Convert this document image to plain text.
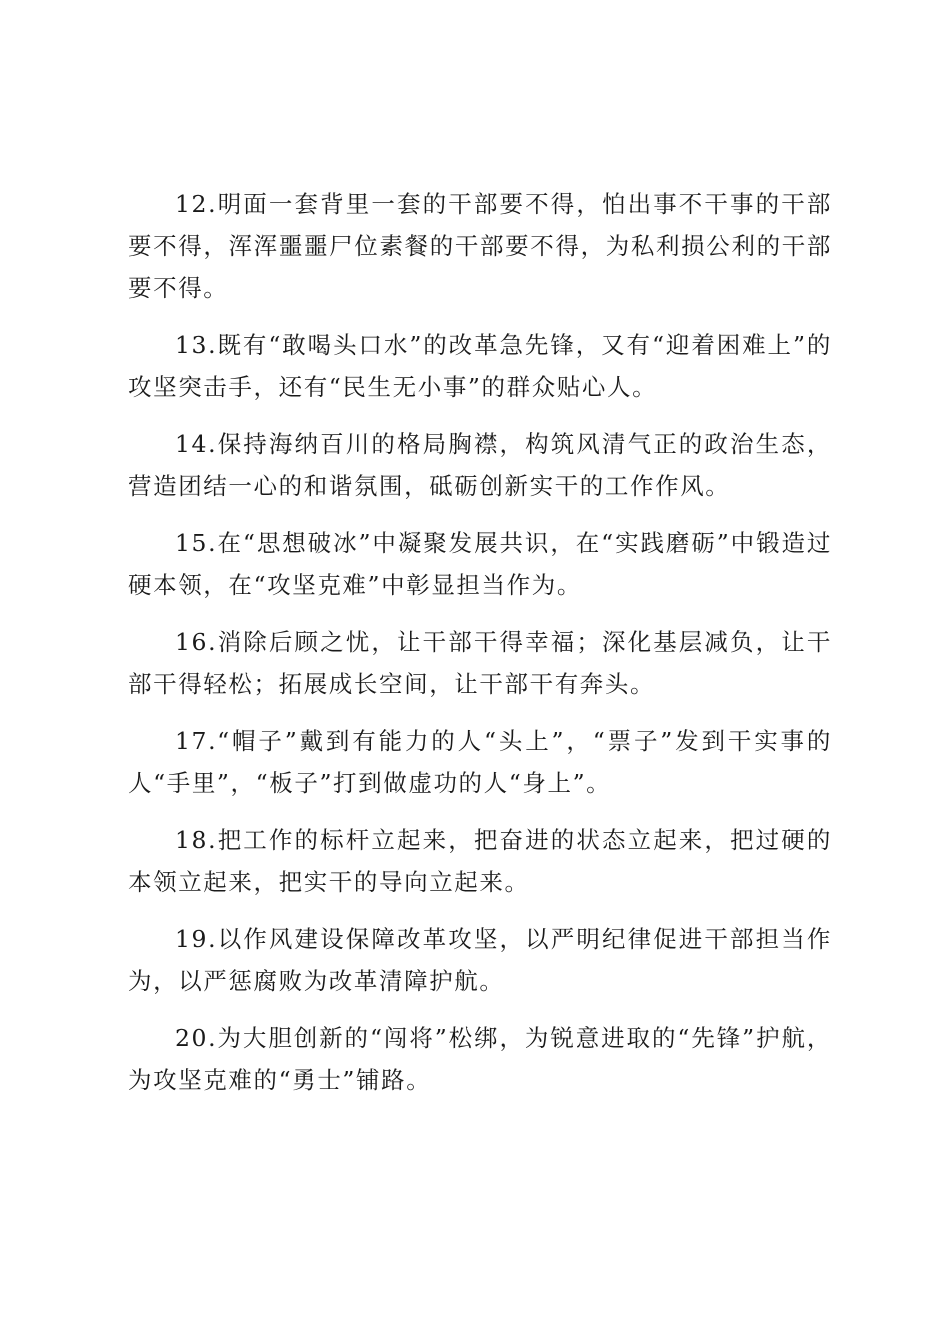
12.明面一套背里一套的干部要不得，怕出事不干事的干部要不得，浑浑噩噩尸位素餐的干部要不得，为私利损公利的干部要不得。

13.既有“敢喝头口水”的改革急先锋，又有“迎着困难上”的攻坚突击手，还有“民生无小事”的群众贴心人。

14.保持海纳百川的格局胸襟，构筑风清气正的政治生态，营造团结一心的和谐氛围，砥砺创新实干的工作作风。

15.在“思想破冰”中凝聚发展共识，在“实践磨砺”中锻造过硬本领，在“攻坚克难”中彰显担当作为。

16.消除后顾之忧，让干部干得幸福；深化基层减负，让干部干得轻松；拓展成长空间，让干部干有奔头。

17.“帽子”戴到有能力的人“头上”，“票子”发到干实事的人“手里”，“板子”打到做虚功的人“身上”。

18.把工作的标杆立起来，把奋进的状态立起来，把过硬的本领立起来，把实干的导向立起来。

19.以作风建设保障改革攻坚，以严明纪律促进干部担当作为，以严惩腐败为改革清障护航。

20.为大胆创新的“闯将”松绑，为锐意进取的“先锋”护航，为攻坚克难的“勇士”铺路。
